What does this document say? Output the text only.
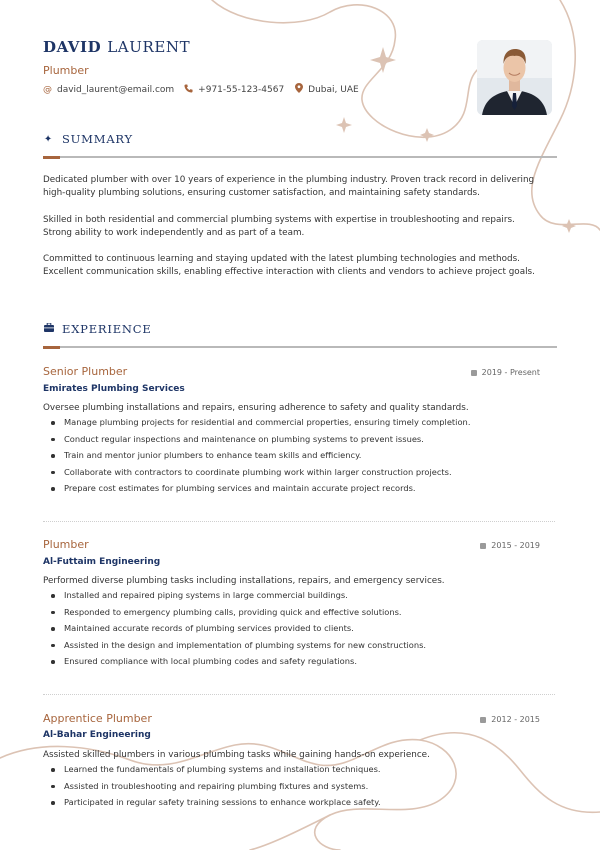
DAVID LAURENT
Plumber
@ david_laurent@email.com	+971-55-123-4567	Dubai, UAE
✦ SUMMARY

Dedicated plumber with over 10 years of experience in the plumbing industry. Proven track record in delivering high-quality plumbing solutions, ensuring customer satisfaction, and maintaining safety standards.

Skilled in both residential and commercial plumbing systems with expertise in troubleshooting and repairs. Strong ability to work independently and as part of a team.

Committed to continuous learning and staying updated with the latest plumbing technologies and methods. Excellent communication skills, enabling effective interaction with clients and vendors to achieve project goals.

EXPERIENCE
Senior Plumber	2019 - Present
Emirates Plumbing Services
Oversee plumbing installations and repairs, ensuring adherence to safety and quality standards.
Manage plumbing projects for residential and commercial properties, ensuring timely completion.
Conduct regular inspections and maintenance on plumbing systems to prevent issues.
Train and mentor junior plumbers to enhance team skills and efficiency.
Collaborate with contractors to coordinate plumbing work within larger construction projects.
Prepare cost estimates for plumbing services and maintain accurate project records.
Plumber	2015 - 2019
Al-Futtaim Engineering
Performed diverse plumbing tasks including installations, repairs, and emergency services.
Installed and repaired piping systems in large commercial buildings.
Responded to emergency plumbing calls, providing quick and effective solutions.
Maintained accurate records of plumbing services provided to clients.
Assisted in the design and implementation of plumbing systems for new constructions.
Ensured compliance with local plumbing codes and safety regulations.
Apprentice Plumber	2012 - 2015
Al-Bahar Engineering
Assisted skilled plumbers in various plumbing tasks while gaining hands-on experience.
Learned the fundamentals of plumbing systems and installation techniques.
Assisted in troubleshooting and repairing plumbing fixtures and systems.
Participated in regular safety training sessions to enhance workplace safety.
